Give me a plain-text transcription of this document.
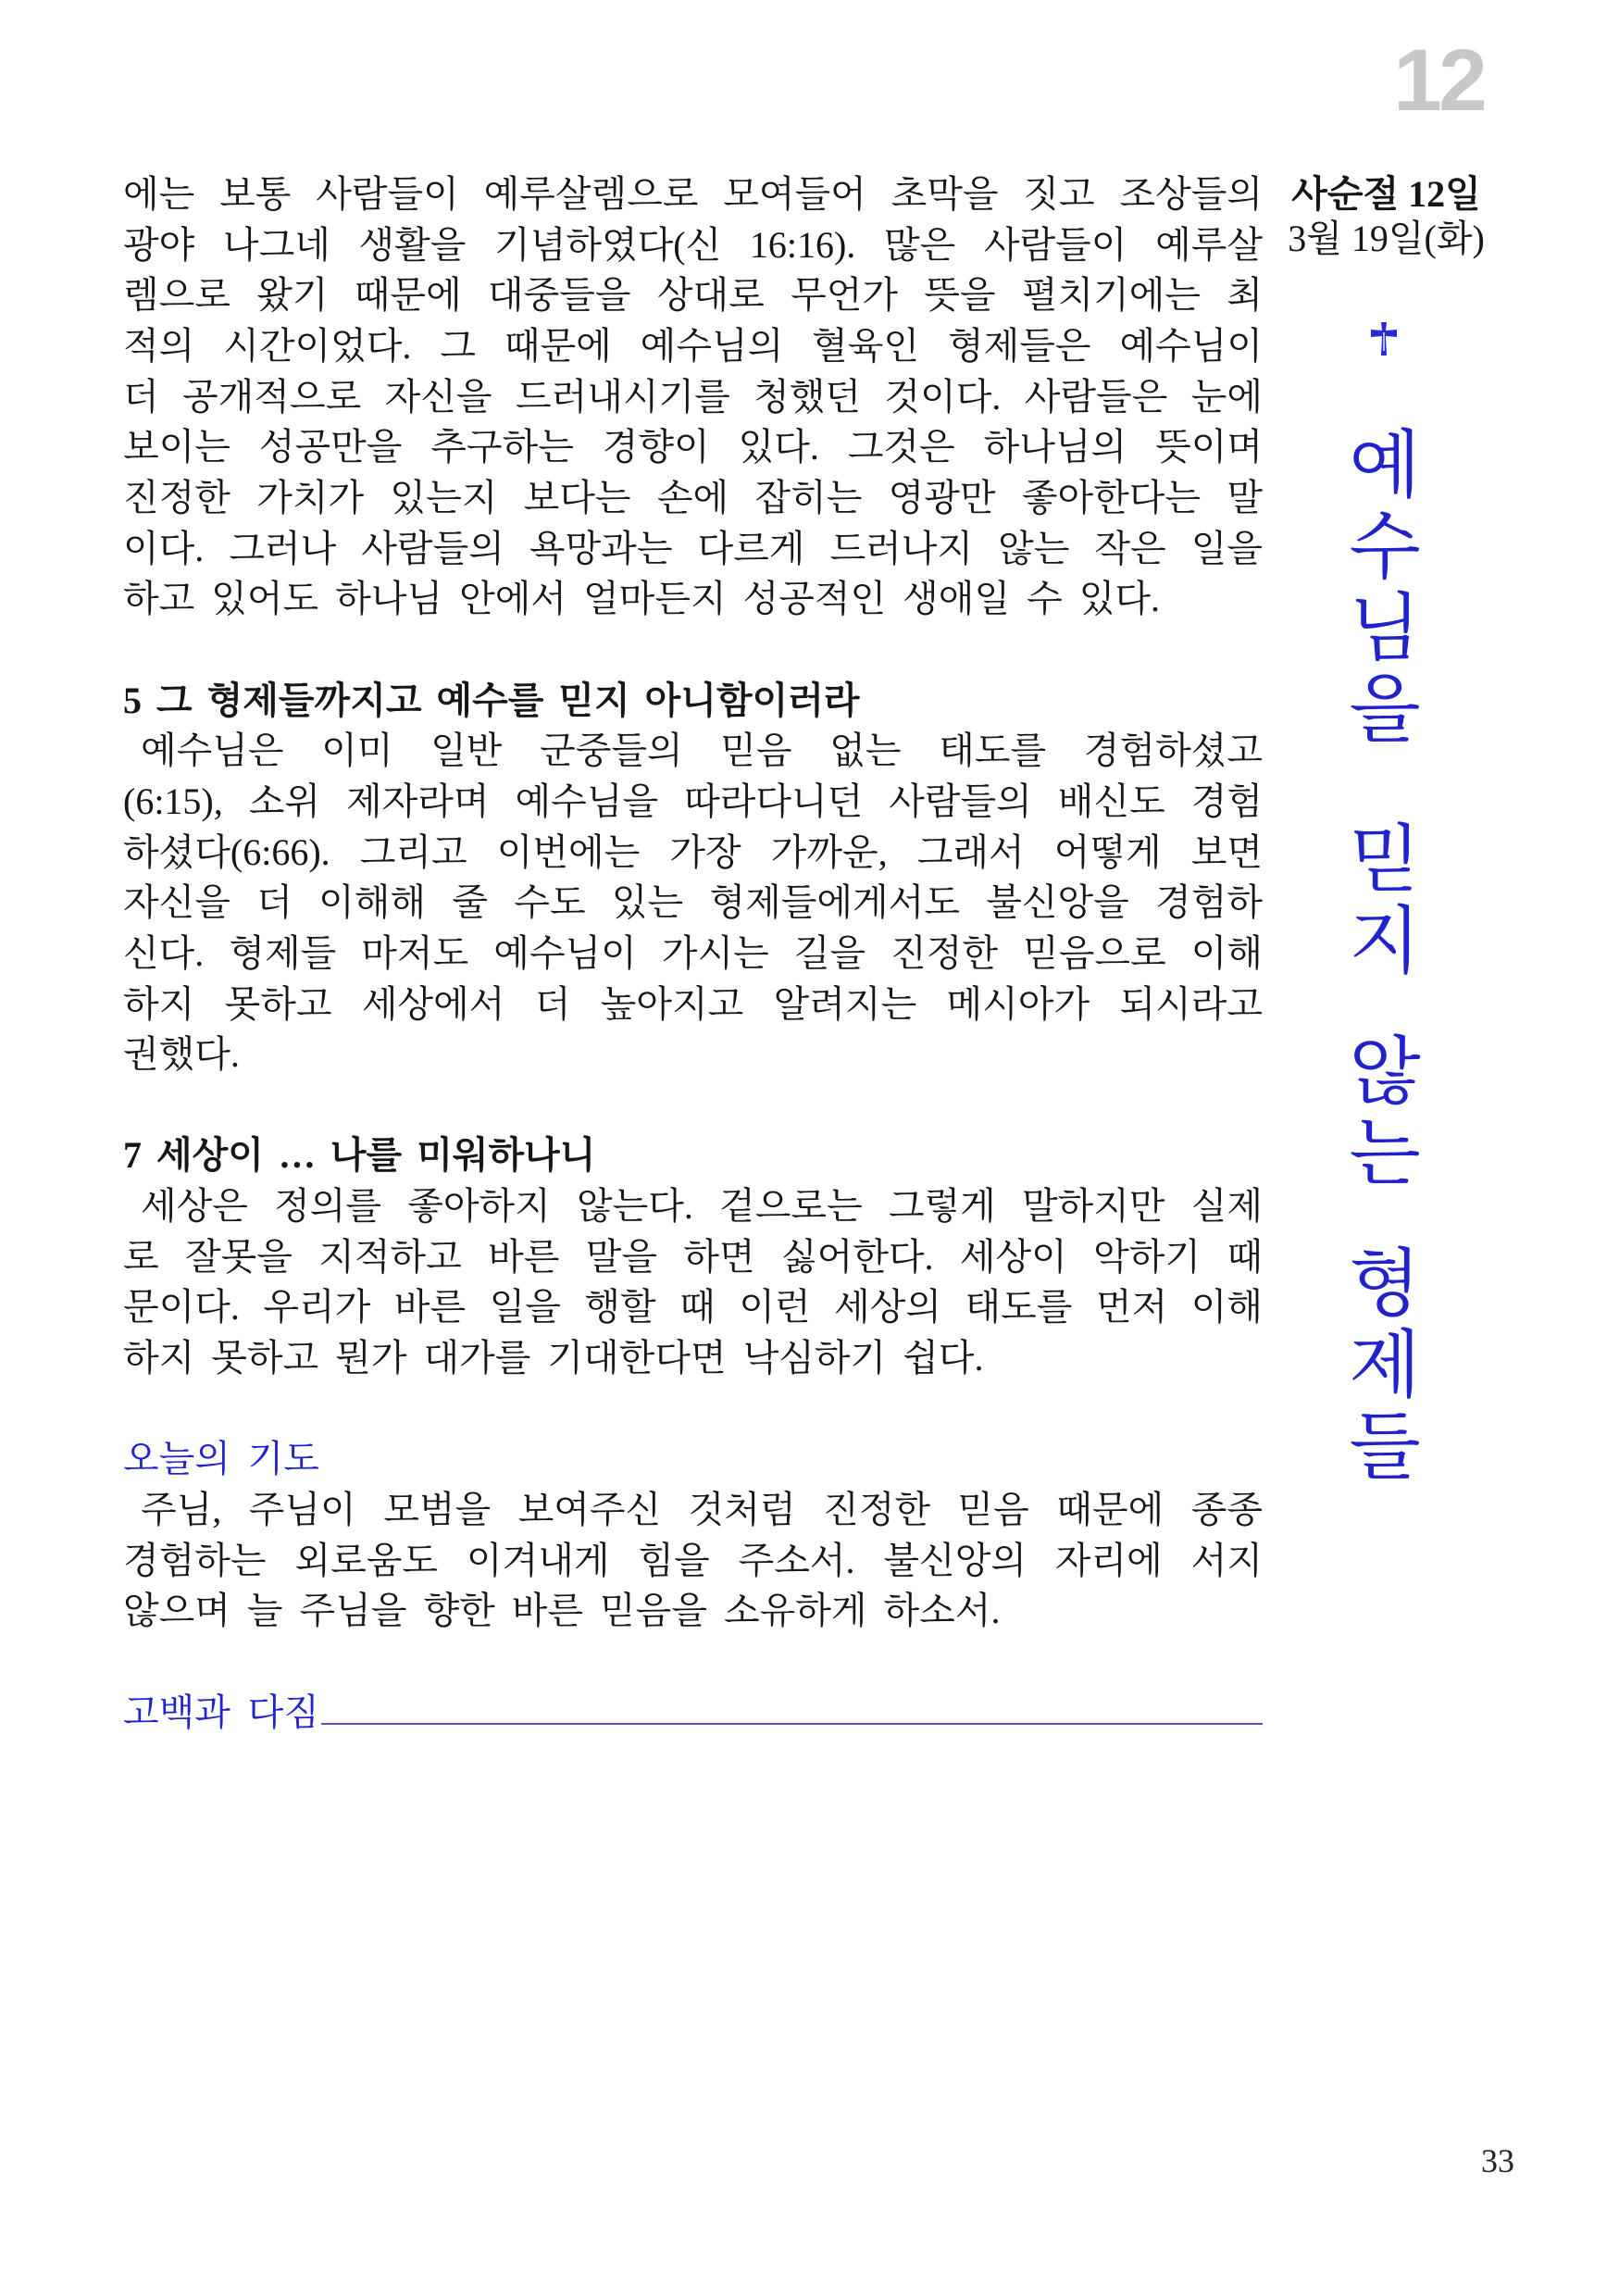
12
에는 보통 사람들이 예루살렘으로 모여들어 초막을 짓고 조상들의
광야 나그네 생활을 기념하였다(신 16:16). 많은 사람들이 예루살
렘으로 왔기 때문에 대중들을 상대로 무언가 뜻을 펼치기에는 최
적의 시간이었다. 그 때문에 예수님의 혈육인 형제들은 예수님이
더 공개적으로 자신을 드러내시기를 청했던 것이다. 사람들은 눈에
보이는 성공만을 추구하는 경향이 있다. 그것은 하나님의 뜻이며
진정한 가치가 있는지 보다는 손에 잡히는 영광만 좋아한다는 말
이다. 그러나 사람들의 욕망과는 다르게 드러나지 않는 작은 일을
하고 있어도 하나님 안에서 얼마든지 성공적인 생애일 수 있다.
5 그 형제들까지고 예수를 믿지 아니함이러라
예수님은 이미 일반 군중들의 믿음 없는 태도를 경험하셨고
(6:15), 소위 제자라며 예수님을 따라다니던 사람들의 배신도 경험
하셨다(6:66). 그리고 이번에는 가장 가까운, 그래서 어떻게 보면
자신을 더 이해해 줄 수도 있는 형제들에게서도 불신앙을 경험하
신다. 형제들 마저도 예수님이 가시는 길을 진정한 믿음으로 이해
하지 못하고 세상에서 더 높아지고 알려지는 메시아가 되시라고
권했다.
7 세상이 … 나를 미워하나니
세상은 정의를 좋아하지 않는다. 겉으로는 그렇게 말하지만 실제
로 잘못을 지적하고 바른 말을 하면 싫어한다. 세상이 악하기 때
문이다. 우리가 바른 일을 행할 때 이런 세상의 태도를 먼저 이해
하지 못하고 뭔가 대가를 기대한다면 낙심하기 쉽다.
오늘의 기도
주님, 주님이 모범을 보여주신 것처럼 진정한 믿음 때문에 종종
경험하는 외로움도 이겨내게 힘을 주소서. 불신앙의 자리에 서지
않으며 늘 주님을 향한 바른 믿음을 소유하게 하소서.
고백과 다짐
사순절 12일
3월 19일(화)
예수님을
믿지
않는
형제들
33
